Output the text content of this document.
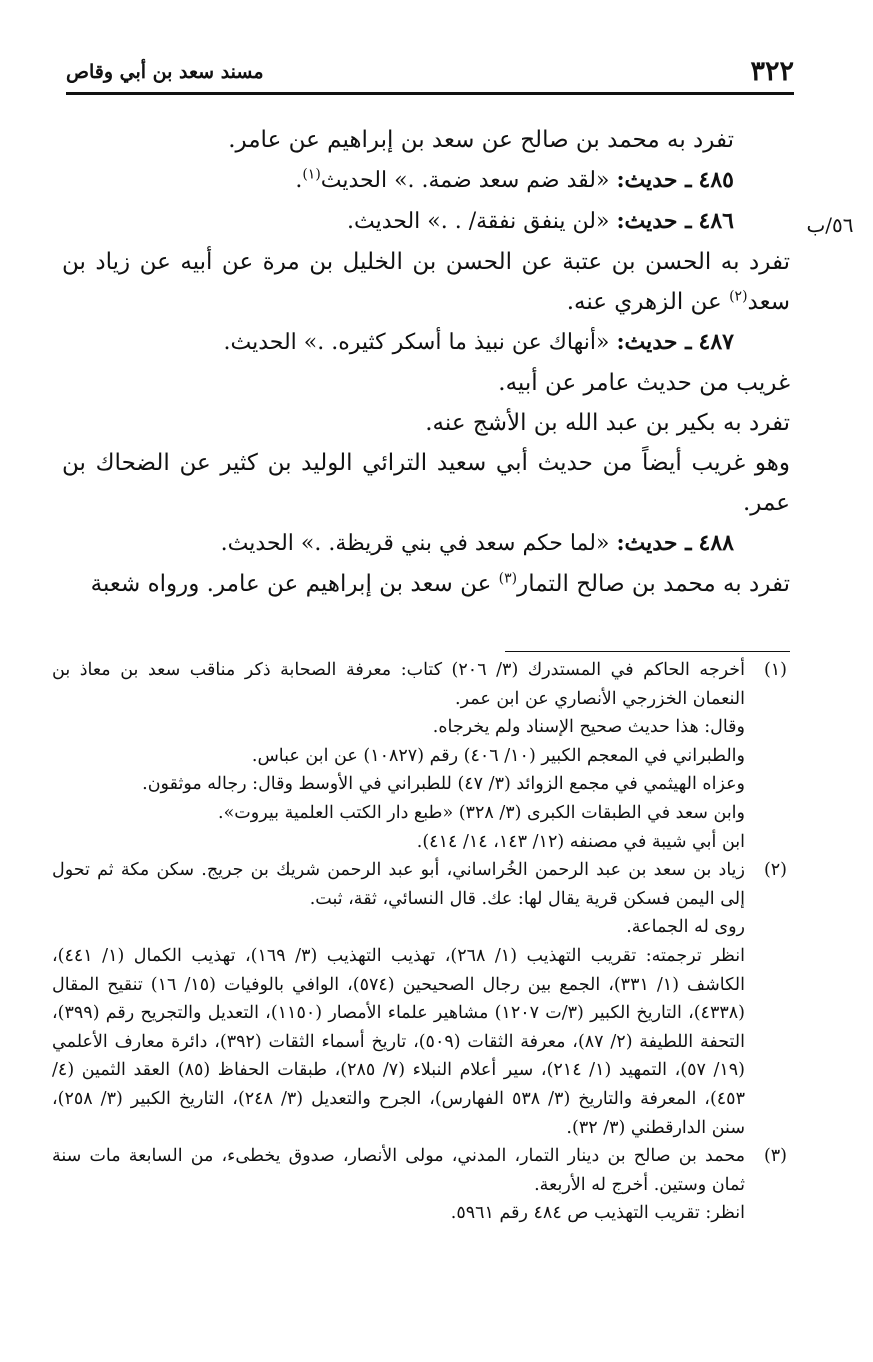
٣٢٢
مسند سعد بن أبي وقاص
٥٦/ب

تفرد به محمد بن صالح عن سعد بن إبراهيم عن عامر.

٤٨٥ ـ حديث: «لقد ضم سعد ضمة. .» الحديث$^{(١)}$.

٤٨٦ ـ حديث: «لن ينفق نفقة/ . .» الحديث.

تفرد به الحسن بن عتبة عن الحسن بن الخليل بن مرة عن أبيه عن زياد بن سعد$^{(٢)}$ عن الزهري عنه.

٤٨٧ ـ حديث: «أنهاك عن نبيذ ما أسكر كثيره. .» الحديث.

غريب من حديث عامر عن أبيه.

تفرد به بكير بن عبد الله بن الأشج عنه.

وهو غريب أيضاً من حديث أبي سعيد الترائي الوليد بن كثير عن الضحاك بن عمر.

٤٨٨ ـ حديث: «لما حكم سعد في بني قريظة. .» الحديث.

تفرد به محمد بن صالح التمار$^{(٣)}$ عن سعد بن إبراهيم عن عامر. ورواه شعبة

(١)

أخرجه الحاكم في المستدرك (٣/ ٢٠٦) كتاب: معرفة الصحابة ذكر مناقب سعد بن معاذ بن النعمان الخزرجي الأنصاري عن ابن عمر.

وقال: هذا حديث صحيح الإسناد ولم يخرجاه.

والطبراني في المعجم الكبير (١٠/ ٤٠٦) رقم (١٠٨٢٧) عن ابن عباس.

وعزاه الهيثمي في مجمع الزوائد (٣/ ٤٧) للطبراني في الأوسط وقال: رجاله موثقون.

وابن سعد في الطبقات الكبرى (٣/ ٣٢٨) «طبع دار الكتب العلمية بيروت».

ابن أبي شيبة في مصنفه (١٢/ ١٤٣، ١٤/ ٤١٤).

(٢)

زياد بن سعد بن عبد الرحمن الخُراساني، أبو عبد الرحمن شريك بن جريج. سكن مكة ثم تحول إلى اليمن فسكن قرية يقال لها: عك. قال النسائي، ثقة، ثبت.

روى له الجماعة.

انظر ترجمته: تقريب التهذيب (١/ ٢٦٨)، تهذيب التهذيب (٣/ ١٦٩)، تهذيب الكمال (١/ ٤٤١)، الكاشف (١/ ٣٣١)، الجمع بين رجال الصحيحين (٥٧٤)، الوافي بالوفيات (١٥/ ١٦) تنقيح المقال (٤٣٣٨)، التاريخ الكبير (٣/ت ١٢٠٧) مشاهير علماء الأمصار (١١٥٠)، التعديل والتجريح رقم (٣٩٩)، التحفة اللطيفة (٢/ ٨٧)، معرفة الثقات (٥٠٩)، تاريخ أسماء الثقات (٣٩٢)، دائرة معارف الأعلمي (١٩/ ٥٧)، التمهيد (١/ ٢١٤)، سير أعلام النبلاء (٧/ ٢٨٥)، طبقات الحفاظ (٨٥) العقد الثمين (٤/ ٤٥٣)، المعرفة والتاريخ (٣/ ٥٣٨ الفهارس)، الجرح والتعديل (٣/ ٢٤٨)، التاريخ الكبير (٣/ ٢٥٨)، سنن الدارقطني (٣/ ٣٢).

(٣)

محمد بن صالح بن دينار التمار، المدني، مولى الأنصار، صدوق يخطىء، من السابعة مات سنة ثمان وستين. أخرج له الأربعة.

انظر: تقريب التهذيب ص ٤٨٤ رقم ٥٩٦١.
